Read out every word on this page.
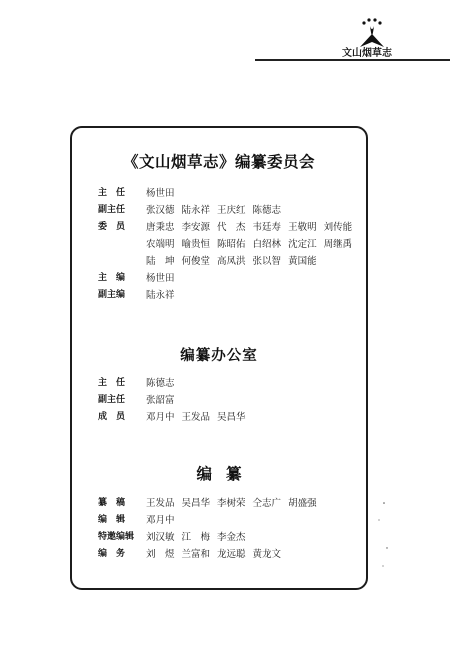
文山烟草志
《文山烟草志》编纂委员会
主　任	杨世田
副主任	张汉德 陆永祥 王庆红 陈德志
委　员	唐秉忠 李安源 代　杰 韦廷寿 王敬明 刘传能
农端明 喻贵恒 陈昭佑 白绍林 沈定江 周继禹
陆　坤 何俊堂 高凤洪 张以智 黄国能
主　编	杨世田
副主编	陆永祥
编纂办公室
主　任	陈德志
副主任	张韶富
成　员	邓月中 王发品 吴昌华
编纂
纂　稿	王发品 吴昌华 李树荣 仝志广 胡盛强
编　辑	邓月中
特邀编辑	刘汉敏 江　梅 李金杰
编　务	刘　煜 兰富和 龙远聪 黄龙文
